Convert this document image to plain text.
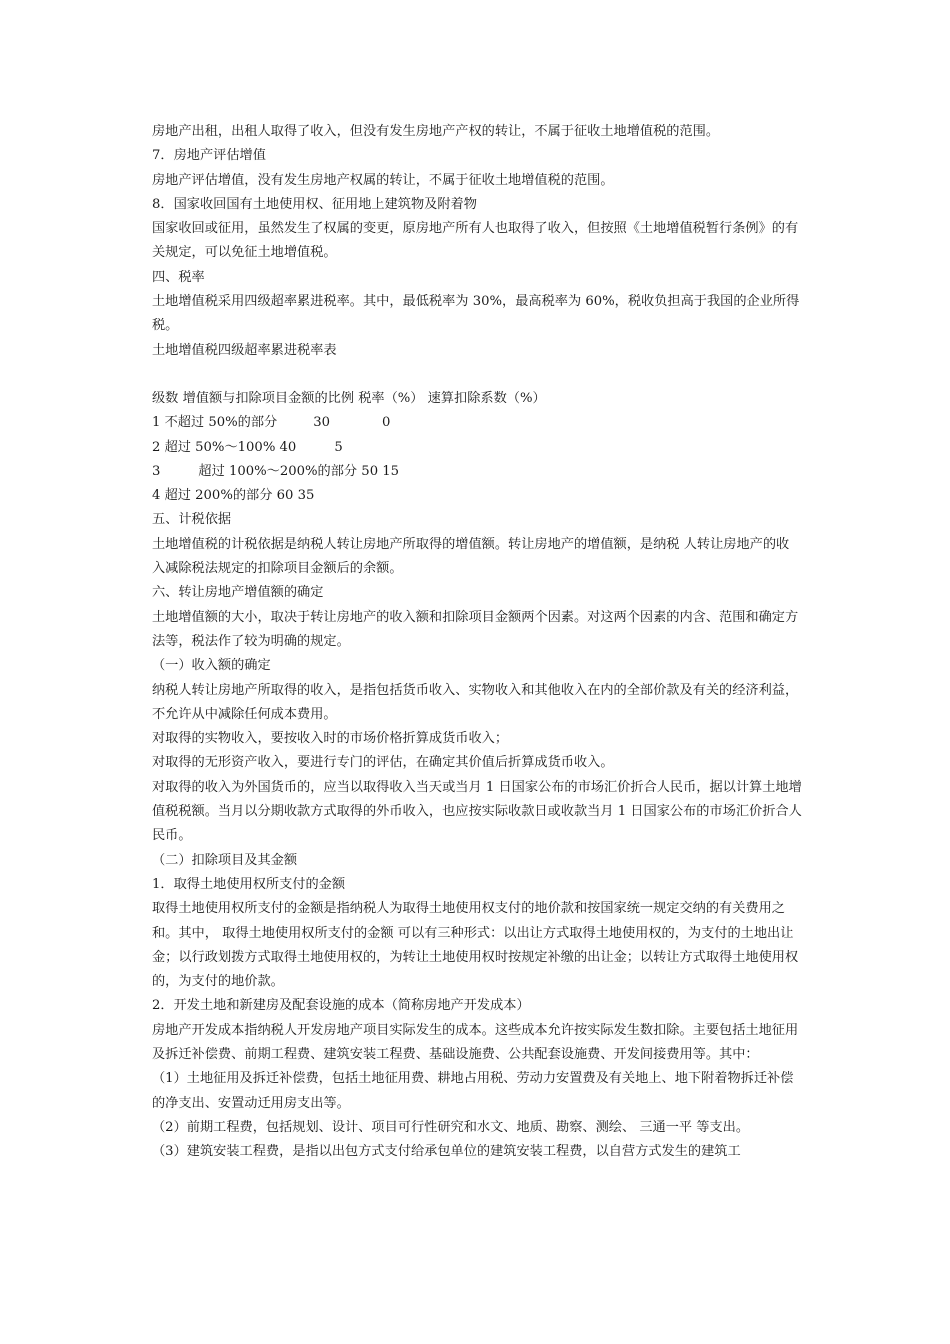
房地产出租，出租人取得了收入，但没有发生房地产产权的转让，不属于征收土地增值税的范围。

7．房地产评估增值

房地产评估增值，没有发生房地产权属的转让，不属于征收土地增值税的范围。

8．国家收回国有土地使用权、征用地上建筑物及附着物

国家收回或征用，虽然发生了权属的变更，原房地产所有人也取得了收入，但按照《土地增值税暂行条例》的有关规定，可以免征土地增值税。

四、税率

土地增值税采用四级超率累进税率。其中，最低税率为 30%，最高税率为 60%，税收负担高于我国的企业所得税。

土地增值税四级超率累进税率表

级数 增值额与扣除项目金额的比例 税率（%） 速算扣除系数（%）

1 不超过 50%的部分	30	0

2 超过 50%～100% 40	5

3	超过 100%～200%的部分 50 15

4 超过 200%的部分 60 35

五、计税依据

土地增值税的计税依据是纳税人转让房地产所取得的增值额。转让房地产的增值额，是纳税 人转让房地产的收入减除税法规定的扣除项目金额后的余额。

六、转让房地产增值额的确定

土地增值额的大小，取决于转让房地产的收入额和扣除项目金额两个因素。对这两个因素的内含、范围和确定方法等，税法作了较为明确的规定。

（一）收入额的确定

纳税人转让房地产所取得的收入，是指包括货币收入、实物收入和其他收入在内的全部价款及有关的经济利益，不允许从中减除任何成本费用。

对取得的实物收入，要按收入时的市场价格折算成货币收入；

对取得的无形资产收入，要进行专门的评估，在确定其价值后折算成货币收入。

对取得的收入为外国货币的，应当以取得收入当天或当月 1 日国家公布的市场汇价折合人民币，据以计算土地增值税税额。当月以分期收款方式取得的外币收入，也应按实际收款日或收款当月 1 日国家公布的市场汇价折合人民币。

（二）扣除项目及其金额

1．取得土地使用权所支付的金额

取得土地使用权所支付的金额是指纳税人为取得土地使用权支付的地价款和按国家统一规定交纳的有关费用之和。其中， 取得土地使用权所支付的金额 可以有三种形式：以出让方式取得土地使用权的，为支付的土地出让金；以行政划拨方式取得土地使用权的，为转让土地使用权时按规定补缴的出让金；以转让方式取得土地使用权的，为支付的地价款。

2．开发土地和新建房及配套设施的成本（简称房地产开发成本）

房地产开发成本指纳税人开发房地产项目实际发生的成本。这些成本允许按实际发生数扣除。主要包括土地征用及拆迁补偿费、前期工程费、建筑安装工程费、基础设施费、公共配套设施费、开发间接费用等。其中：

（1）土地征用及拆迁补偿费，包括土地征用费、耕地占用税、劳动力安置费及有关地上、地下附着物拆迁补偿的净支出、安置动迁用房支出等。

（2）前期工程费，包括规划、设计、项目可行性研究和水文、地质、勘察、测绘、 三通一平 等支出。

（3）建筑安装工程费，是指以出包方式支付给承包单位的建筑安装工程费，以自营方式发生的建筑工
